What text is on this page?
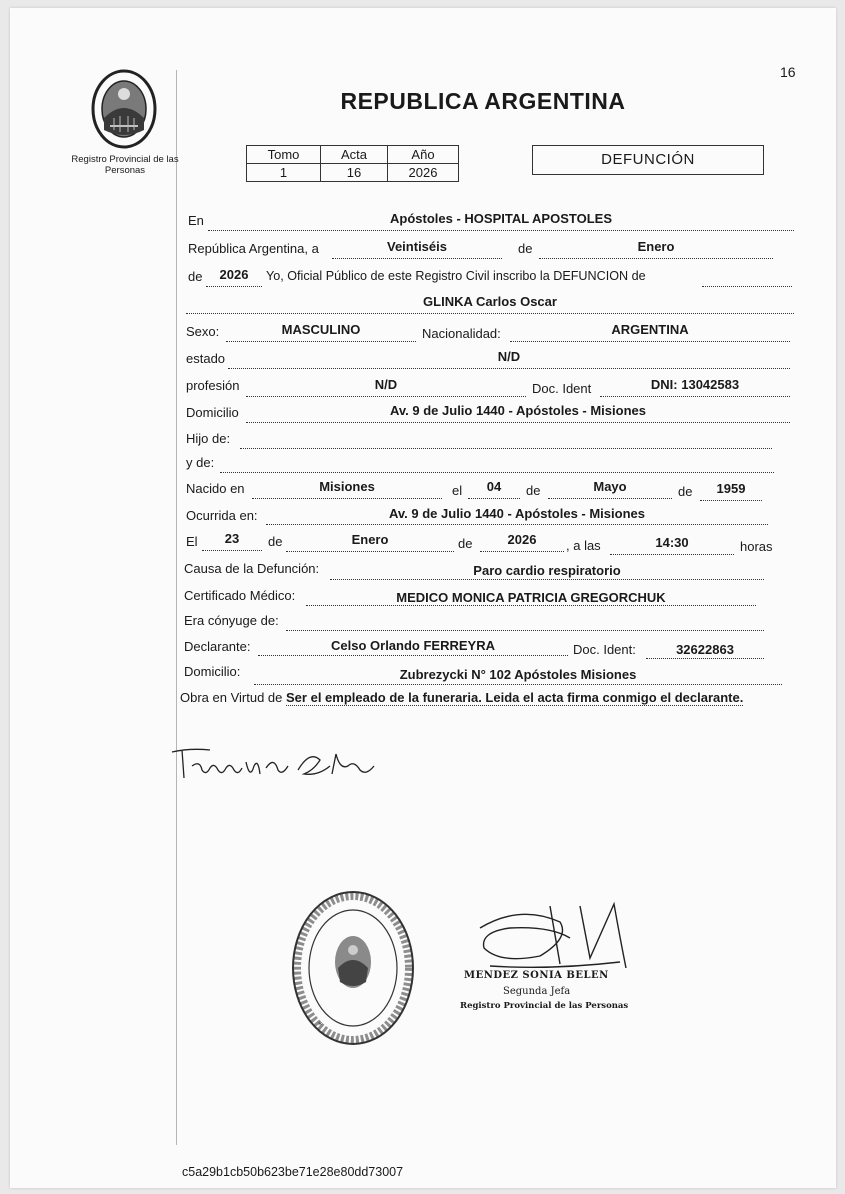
16
Registro Provincial de las Personas
REPUBLICA ARGENTINA
Tomo	Acta	Año
1	16	2026
DEFUNCIÓN
En	Apóstoles - HOSPITAL APOSTOLES
República Argentina, a	Veintiséis	de	Enero
de	2026	Yo, Oficial Público de este Registro Civil inscribo la DEFUNCION de
GLINKA Carlos Oscar
Sexo:	MASCULINO	Nacionalidad:	ARGENTINA
estado	N/D
profesión	N/D	Doc. Ident	DNI: 13042583
Domicilio	Av. 9 de Julio 1440 - Apóstoles - Misiones
Hijo de:
y de:
Nacido en	Misiones	el	04	de	Mayo	de	1959
Ocurrida en:	Av. 9 de Julio 1440 - Apóstoles - Misiones
El	23	de	Enero	de	2026	, a las	14:30	horas
Causa de la Defunción:	Paro cardio respiratorio
Certificado Médico:	MEDICO MONICA PATRICIA GREGORCHUK
Era cónyuge de:
Declarante:	Celso Orlando FERREYRA	Doc. Ident:	32622863
Domicilio:	Zubrezycki N° 102 Apóstoles Misiones
Obra en Virtud de Ser el empleado de la funeraria. Leida el acta firma conmigo el declarante.
*
MENDEZ SONIA BELEN
Segunda Jefa
Registro Provincial de las Personas
c5a29b1cb50b623be71e28e80dd73007
